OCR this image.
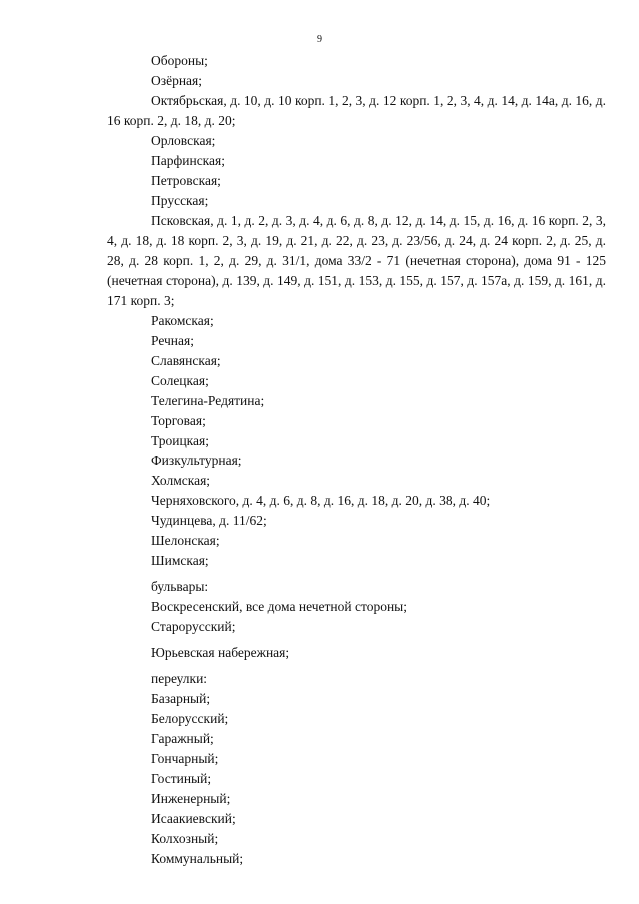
9

Обороны;

Озёрная;

Октябрьская, д. 10, д. 10 корп. 1, 2, 3, д. 12 корп. 1, 2, 3, 4, д. 14, д. 14а, д. 16, д. 16 корп. 2, д. 18, д. 20;

Орловская;

Парфинская;

Петровская;

Прусская;

Псковская, д. 1, д. 2, д. 3, д. 4, д. 6, д. 8, д. 12, д. 14, д. 15, д. 16, д. 16 корп. 2, 3, 4, д. 18, д. 18 корп. 2, 3, д. 19, д. 21, д. 22, д. 23, д. 23/56, д. 24, д. 24 корп. 2, д. 25, д. 28, д. 28 корп. 1, 2, д. 29, д. 31/1, дома 33/2 - 71 (нечетная сторона), дома 91 - 125 (нечетная сторона), д. 139, д. 149, д. 151, д. 153, д. 155, д. 157, д. 157а, д. 159, д. 161, д. 171 корп. 3;

Ракомская;

Речная;

Славянская;

Солецкая;

Телегина-Редятина;

Торговая;

Троицкая;

Физкультурная;

Холмская;

Черняховского, д. 4, д. 6, д. 8, д. 16, д. 18, д. 20, д. 38, д. 40;

Чудинцева, д. 11/62;

Шелонская;

Шимская;

бульвары:

Воскресенский, все дома нечетной стороны;

Старорусский;

Юрьевская набережная;

переулки:

Базарный;

Белорусский;

Гаражный;

Гончарный;

Гостиный;

Инженерный;

Исаакиевский;

Колхозный;

Коммунальный;
